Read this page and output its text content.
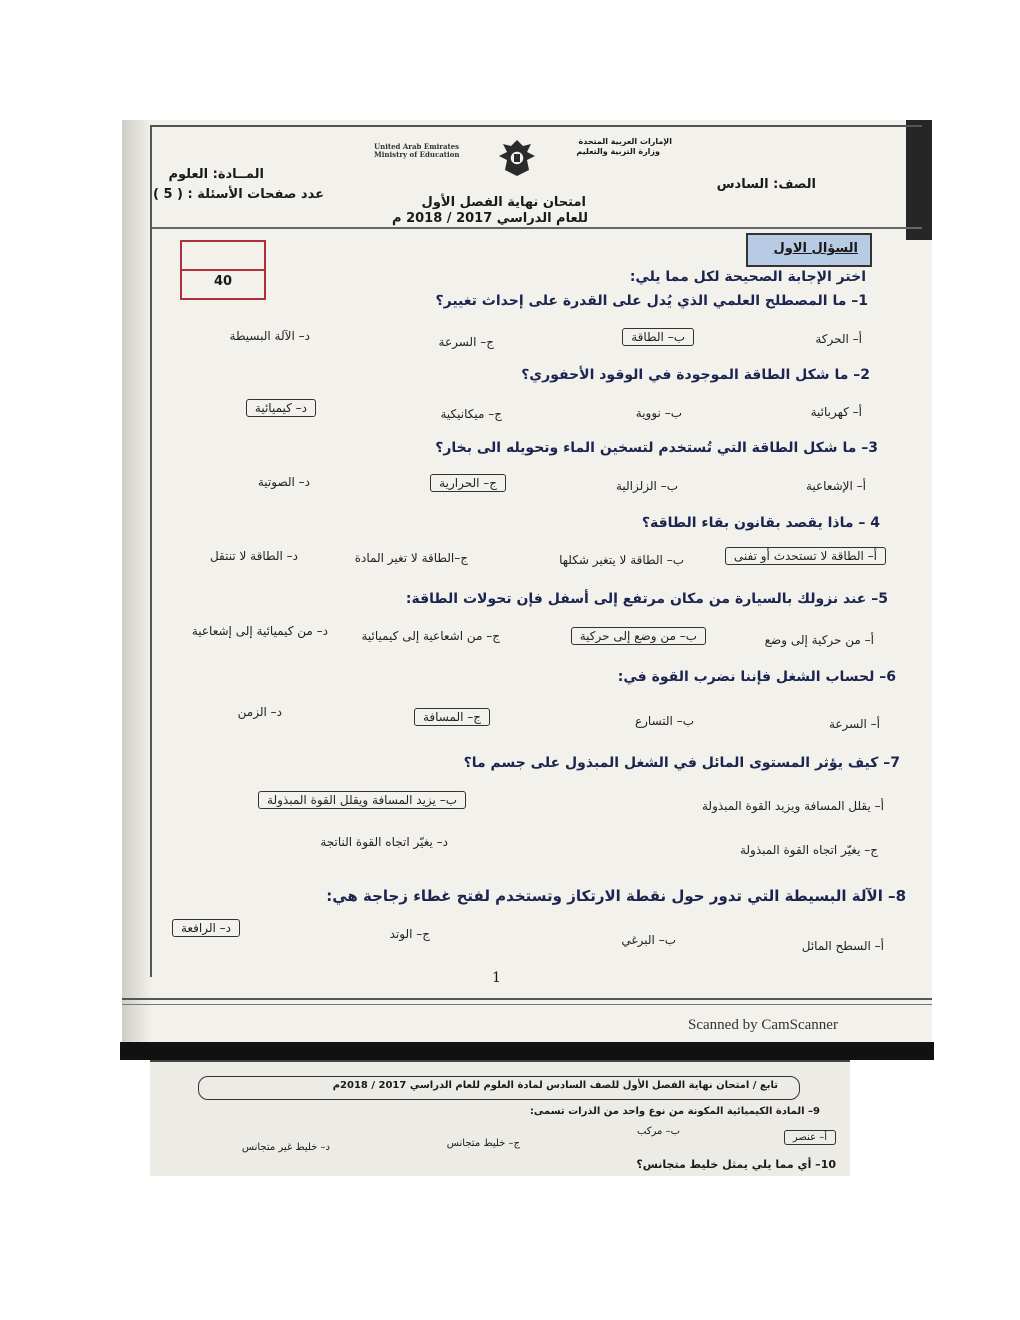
الإمارات العربية المتحدة
وزارة التربية والتعليم
United Arab Emirates
Ministry of Education
المــادة: العلوم
عدد صفحات الأسئلة : ( 5 )
الصف: السادس
امتحان نهاية الفصل الأول
للعام الدراسي 2017 / 2018 م
40
السؤال الاول
اختر الإجابة الصحيحة لكل مما يلي:
1– ما المصطلح العلمي الذي يُدل على القدرة على إحداث تغيير؟
أ– الحركة
ب– الطاقة
ج– السرعة
د– الآلة البسيطة
2– ما شكل الطاقة الموجودة في الوقود الأحفوري؟
أ– كهربائية
ب– نووية
ج– ميكانيكية
د– كيميائية
3– ما شكل الطاقة التي تُستخدم لتسخين الماء وتحويله الى بخار؟
أ– الإشعاعية
ب– الزلزالية
ج– الحرارية
د– الصوتية
4 – ماذا يقصد بقانون بقاء الطاقة؟
أ– الطاقة لا تستحدث أو تفنى
ب– الطاقة لا يتغير شكلها
ج–الطاقة لا تغير المادة
د– الطاقة لا تنتقل
5– عند نزولك بالسيارة من مكان مرتفع إلى أسفل فإن تحولات الطاقة:
أ– من حركية إلى وضع
ب– من وضع إلى حركية
ج– من اشعاعية إلى كيميائية
د– من كيميائية إلى إشعاعية
6– لحساب الشغل فإننا نضرب القوة في:
أ– السرعة
ب– التسارع
ج– المسافة
د– الزمن
7– كيف يؤثر المستوى المائل في الشغل المبذول على جسم ما؟
أ– يقلل المسافة ويزيد القوة المبذولة
ب– يزيد المسافة ويقلل القوة المبذولة
ج– يغيّر اتجاه القوة المبذولة
د– يغيّر اتجاه القوة الناتجة
8– الآلة البسيطة التي تدور حول نقطة الارتكاز وتستخدم لفتح غطاء زجاجة هي:
أ– السطح المائل
ب– البرغي
ج– الوتد
د– الرافعة
1
Scanned by CamScanner
تابع / امتحان نهاية الفصل الأول للصف السادس لمادة العلوم للعام الدراسي 2017 / 2018م
9– المادة الكيميائية المكونة من نوع واحد من الذرات تسمى:
أ– عنصر
ب– مركب
ج– خليط متجانس
د– خليط غير متجانس
10– أي مما يلي يمثل خليط متجانس؟
